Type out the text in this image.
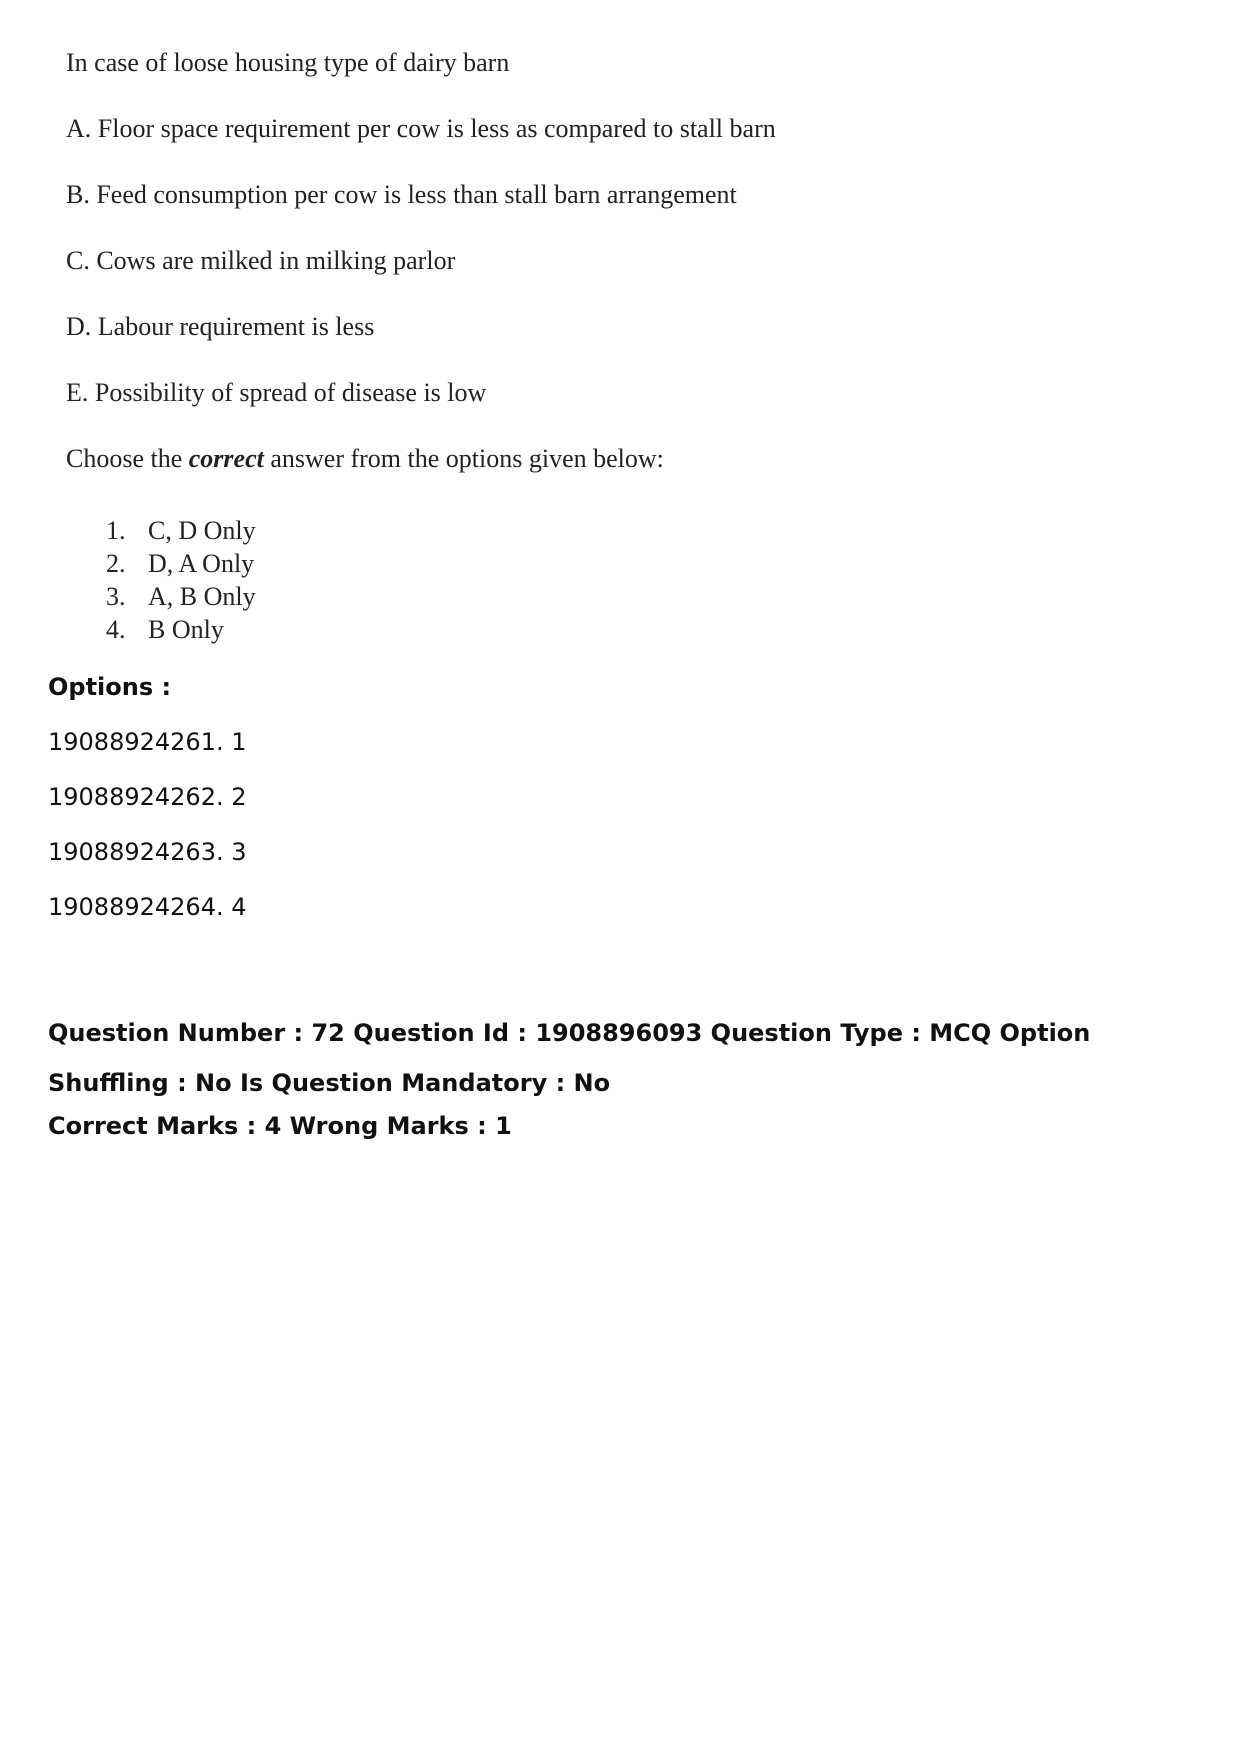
In case of loose housing type of dairy barn
A. Floor space requirement per cow is less as compared to stall barn
B. Feed consumption per cow is less than stall barn arrangement
C. Cows are milked in milking parlor
D. Labour requirement is less
E. Possibility of spread of disease is low
Choose the correct answer from the options given below:
1. C, D Only
2. D, A Only
3. A, B Only
4. B Only
Options :
19088924261. 1
19088924262. 2
19088924263. 3
19088924264. 4
Question Number : 72 Question Id : 1908896093 Question Type : MCQ Option Shuffling : No Is Question Mandatory : No
Correct Marks : 4 Wrong Marks : 1
